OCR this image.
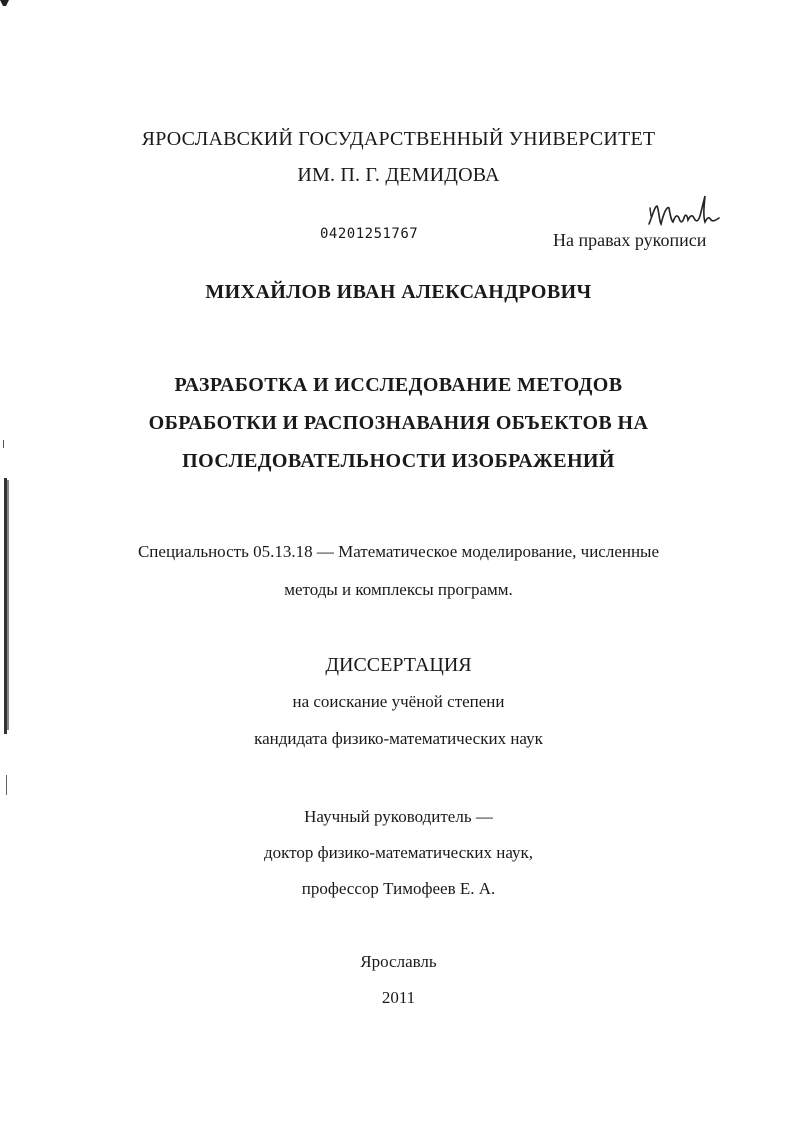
ЯРОСЛАВСКИЙ ГОСУДАРСТВЕННЫЙ УНИВЕРСИТЕТ
ИМ. П. Г. ДЕМИДОВА
04201251767	На правах рукописи
МИХАЙЛОВ ИВАН АЛЕКСАНДРОВИЧ
РАЗРАБОТКА И ИССЛЕДОВАНИЕ МЕТОДОВ
ОБРАБОТКИ И РАСПОЗНАВАНИЯ ОБЪЕКТОВ НА
ПОСЛЕДОВАТЕЛЬНОСТИ ИЗОБРАЖЕНИЙ
Специальность 05.13.18 — Математическое моделирование, численные
методы и комплексы программ.
ДИССЕРТАЦИЯ
на соискание учёной степени
кандидата физико-математических наук
Научный руководитель —
доктор физико-математических наук,
профессор Тимофеев Е. А.
Ярославль
2011
